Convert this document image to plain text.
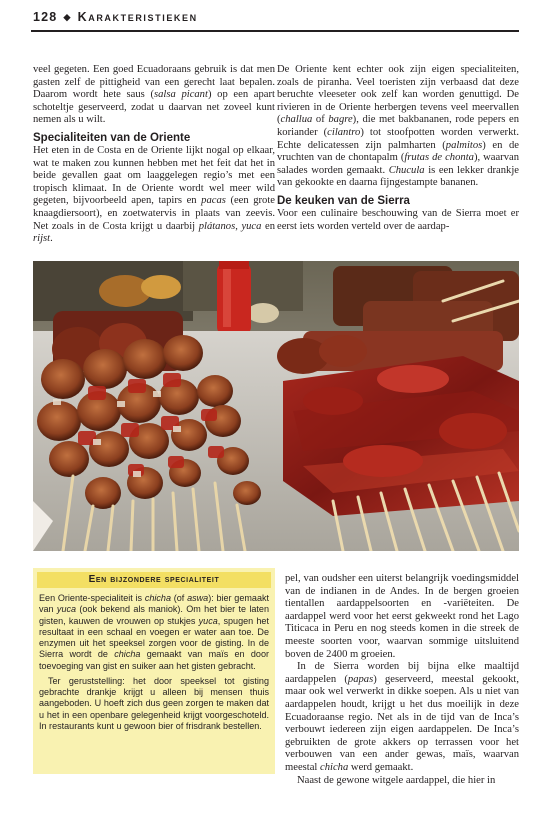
128 ◆ Karakteristieken

veel gegeten. Een goed Ecuadoraans gebruik is dat men gasten zelf de pittigheid van een gerecht laat bepalen. Daarom wordt hete saus (salsa picant) op een apart schoteltje geserveerd, zodat u daarvan net zoveel kunt nemen als u wilt.

Specialiteiten van de Oriente

Het eten in de Costa en de Oriente lijkt nogal op elkaar, wat te maken zou kunnen hebben met het feit dat het in beide gevallen gaat om laaggelegen regio’s met een tropisch klimaat. In de Oriente wordt wel meer wild gegeten, bijvoorbeeld apen, tapirs en pacas (een grote knaagdiersoort), en zoetwatervis in plaats van zeevis. Net zoals in de Costa krijgt u daarbij plátanos, yuca en rijst.

De Oriente kent echter ook zijn eigen specialiteiten, zoals de piranha. Veel toeristen zijn verbaasd dat deze beruchte vleeseter ook zelf kan worden genuttigd. De rivieren in de Oriente herbergen tevens veel meervallen (challua of bagre), die met bakbananen, rode pepers en koriander (cilantro) tot stoofpotten worden verwerkt. Echte delicatessen zijn palmharten (palmitos) en de vruchten van de chontapalm (frutas de chonta), waarvan salades worden gemaakt. Chucula is een lekker drankje van gekookte en daarna fijngestampte bananen.

De keuken van de Sierra

Voor een culinaire beschouwing van de Sierra moet er eerst iets worden verteld over de aardap-

Een bijzondere specialiteit

Een Oriente-specialiteit is chicha (of aswa): bier gemaakt van yuca (ook bekend als maniok). Om het bier te laten gisten, kauwen de vrouwen op stukjes yuca, spugen het resultaat in een schaal en voegen er water aan toe. De enzymen uit het speeksel zorgen voor de gisting. In de Sierra wordt de chicha gemaakt van maïs en door toevoeging van gist en suiker aan het gisten gebracht.

Ter geruststelling: het door speeksel tot gisting gebrachte drankje krijgt u alleen bij mensen thuis aangeboden. U hoeft zich dus geen zorgen te maken dat u het in een openbare gelegenheid krijgt voorgeschoteld. In restaurants kunt u gewoon bier of frisdrank bestellen.

pel, van oudsher een uiterst belangrijk voedingsmiddel van de indianen in de Andes. In de bergen groeien tientallen aardappelsoorten en -variëteiten. De aardappel werd voor het eerst gekweekt rond het Lago Titicaca in Peru en nog steeds komen in die streek de meeste soorten voor, waarvan sommige uitsluitend boven de 2400 m groeien.

In de Sierra worden bij bijna elke maaltijd aardappelen (papas) geserveerd, meestal gekookt, maar ook wel verwerkt in dikke soepen. Als u niet van aardappelen houdt, krijgt u het dus moeilijk in deze Ecuadoraanse regio. Net als in de tijd van de Inca’s verbouwt iedereen zijn eigen aardappelen. De Inca’s gebruikten de grote akkers op terrassen voor het verbouwen van een ander gewas, maïs, waarvan meestal chicha werd gemaakt.

Naast de gewone witgele aardappel, die hier in
